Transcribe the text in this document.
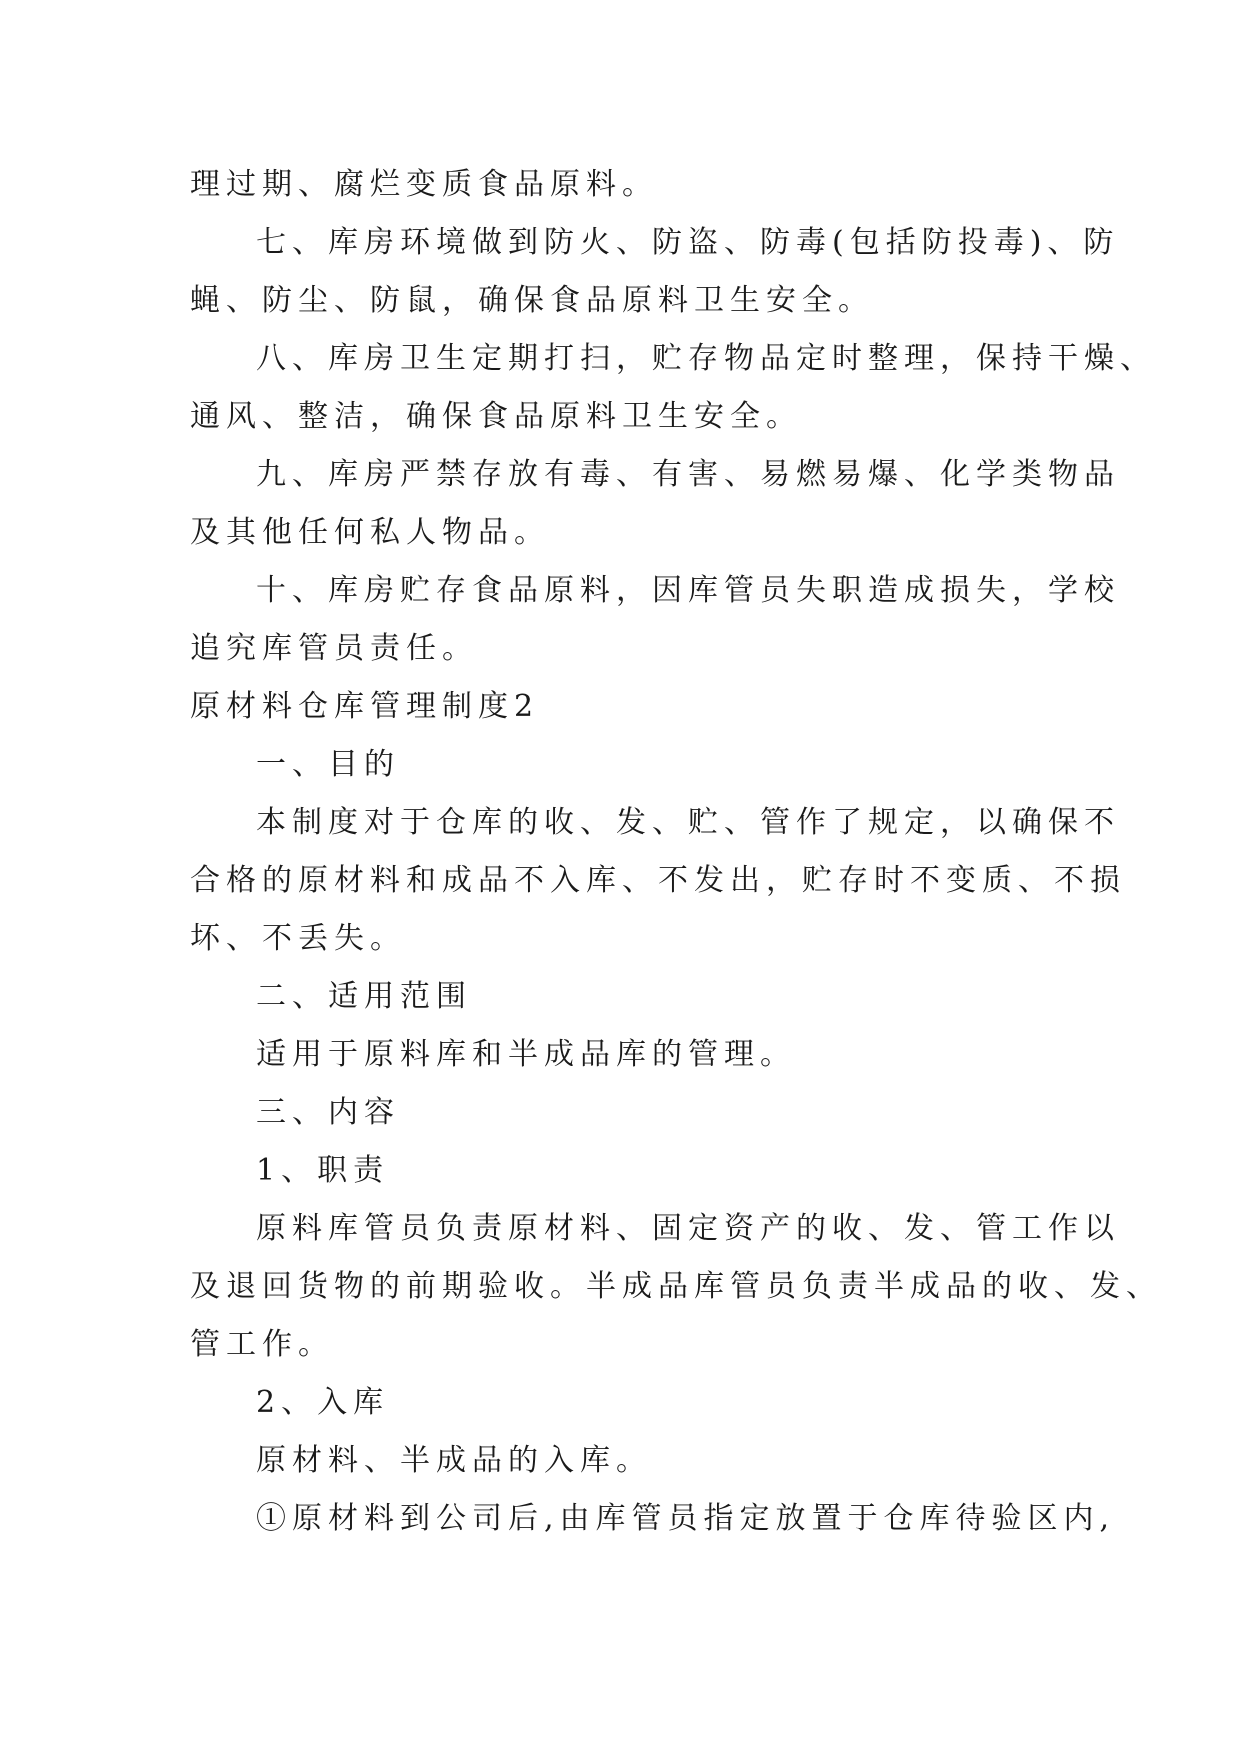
理过期、腐烂变质食品原料。
七、库房环境做到防火、防盗、防毒(包括防投毒)、防
蝇、防尘、防鼠，确保食品原料卫生安全。
八、库房卫生定期打扫，贮存物品定时整理，保持干燥、
通风、整洁，确保食品原料卫生安全。
九、库房严禁存放有毒、有害、易燃易爆、化学类物品
及其他任何私人物品。
十、库房贮存食品原料，因库管员失职造成损失，学校
追究库管员责任。
原材料仓库管理制度2
一、目的
本制度对于仓库的收、发、贮、管作了规定，以确保不
合格的原材料和成品不入库、不发出，贮存时不变质、不损
坏、不丢失。
二、适用范围
适用于原料库和半成品库的管理。
三、内容
1、职责
原料库管员负责原材料、固定资产的收、发、管工作以
及退回货物的前期验收。半成品库管员负责半成品的收、发、
管工作。
2、入库
原材料、半成品的入库。
①原材料到公司后,由库管员指定放置于仓库待验区内,
